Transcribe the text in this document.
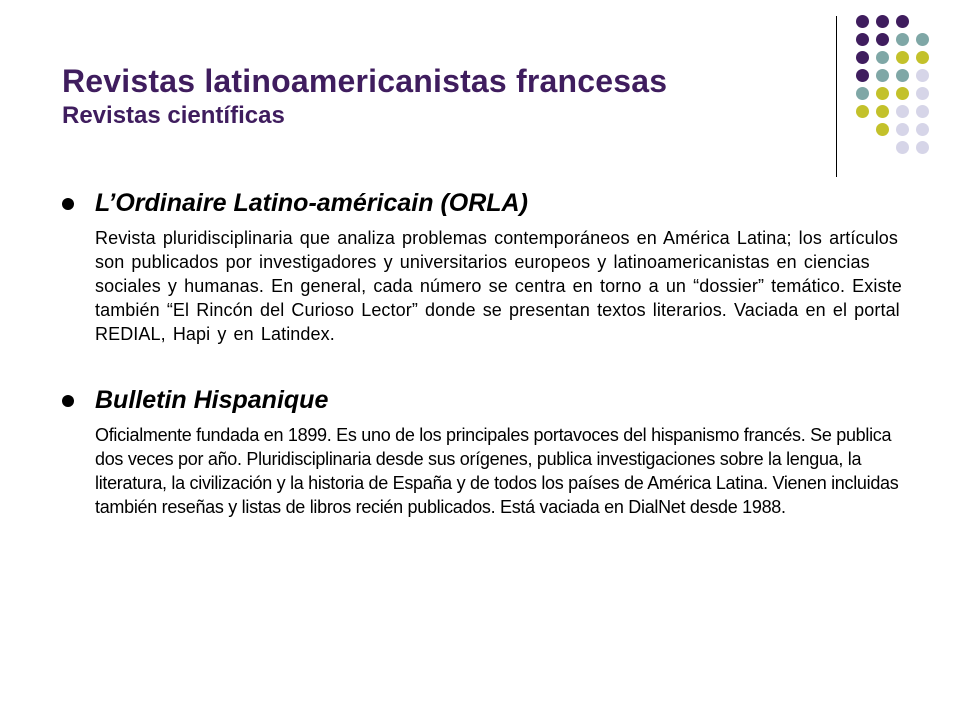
Revistas latinoamericanistas francesas
Revistas científicas
L’Ordinaire Latino-américain (ORLA)

Revista pluridisciplinaria que analiza problemas contemporáneos en América Latina; los artículos son publicados por investigadores y universitarios europeos y latinoamericanistas en ciencias sociales y humanas. En general, cada número se centra en torno a un “dossier” temático. Existe también “El Rincón del Curioso Lector” donde se presentan textos literarios. Vaciada en el portal REDIAL, Hapi y en Latindex.

Bulletin Hispanique

Oficialmente fundada en 1899. Es uno de los principales portavoces del hispanismo francés. Se publica dos veces por año. Pluridisciplinaria desde sus orígenes, publica investigaciones sobre la lengua, la literatura, la civilización y la historia de España y de todos los países de América Latina. Vienen incluidas también reseñas y listas de libros recién publicados. Está vaciada en DialNet desde 1988.
